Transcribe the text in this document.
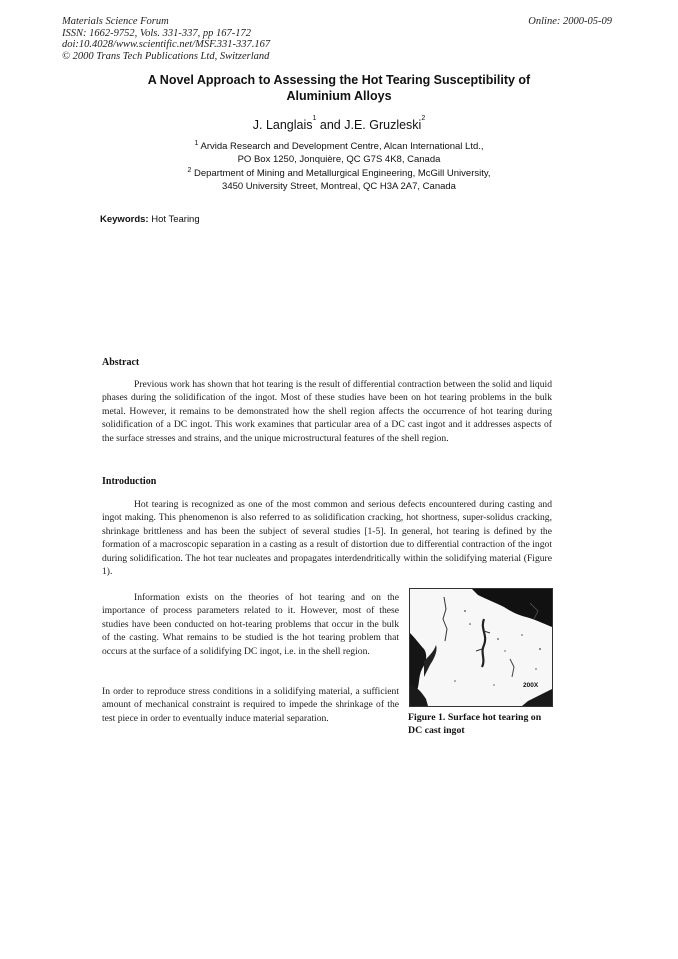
Materials Science Forum
ISSN: 1662-9752, Vols. 331-337, pp 167-172
doi:10.4028/www.scientific.net/MSF.331-337.167
© 2000 Trans Tech Publications Ltd, Switzerland
Online: 2000-05-09
A Novel Approach to Assessing the Hot Tearing Susceptibility of
Aluminium Alloys
J. Langlais$^1$ and J.E. Gruzleski$^2$
$^1$ Arvida Research and Development Centre, Alcan International Ltd.,
PO Box 1250, Jonquière, QC G7S 4K8, Canada
$^2$ Department of Mining and Metallurgical Engineering, McGill University,
3450 University Street, Montreal, QC H3A 2A7, Canada
Keywords: Hot Tearing
Abstract
Previous work has shown that hot tearing is the result of differential contraction between the solid and liquid phases during the solidification of the ingot. Most of these studies have been on hot tearing problems in the bulk metal. However, it remains to be demonstrated how the shell region affects the occurrence of hot tearing during solidification of a DC ingot. This work examines that particular area of a DC cast ingot and it addresses aspects of the surface stresses and strains, and the unique microstructural features of the shell region.
Introduction
Hot tearing is recognized as one of the most common and serious defects encountered during casting and ingot making. This phenomenon is also referred to as solidification cracking, hot shortness, super-solidus cracking, shrinkage brittleness and has been the subject of several studies [1-5]. In general, hot tearing is defined by the formation of a macroscopic separation in a casting as a result of distortion due to differential contraction of the ingot during solidification. The hot tear nucleates and propagates interdendritically within the solidifying material (Figure 1).
Information exists on the theories of hot tearing and on the importance of process parameters related to it. However, most of these studies have been conducted on hot-tearing problems that occur in the bulk of the casting. What remains to be studied is the hot tearing problem that occurs at the surface of a solidifying DC ingot, i.e. in the shell region.
In order to reproduce stress conditions in a solidifying material, a sufficient amount of mechanical constraint is required to impede the shrinkage of the test piece in order to eventually induce material separation.
200X
Figure 1. Surface hot tearing on DC cast ingot
